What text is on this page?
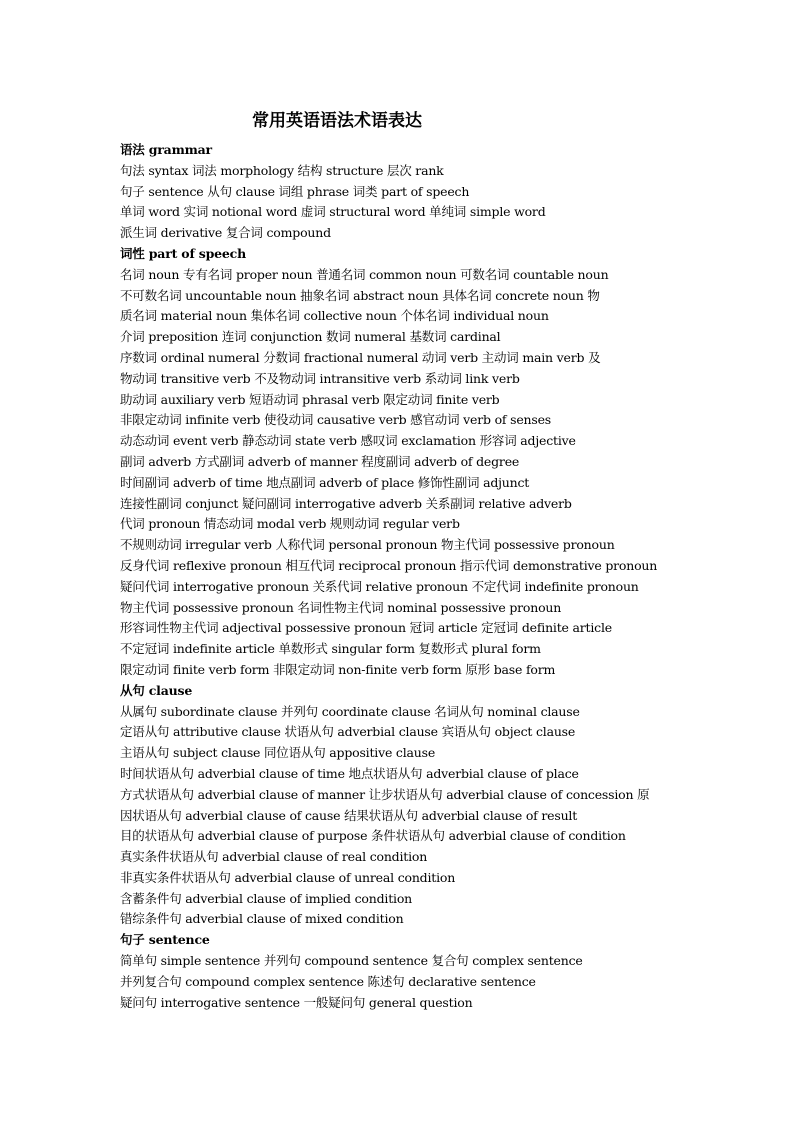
常用英语语法术语表达
语法 grammar
句法 syntax 词法 morphology 结构 structure 层次 rank
句子 sentence 从句 clause 词组 phrase 词类 part of speech
单词 word 实词 notional word 虚词 structural word 单纯词 simple word
派生词 derivative 复合词 compound
词性 part of speech
名词 noun 专有名词 proper noun 普通名词 common noun 可数名词 countable noun
不可数名词 uncountable noun 抽象名词 abstract noun 具体名词 concrete noun 物
质名词 material noun 集体名词 collective noun 个体名词 individual noun
介词 preposition 连词 conjunction 数词 numeral 基数词 cardinal
序数词 ordinal numeral 分数词 fractional numeral 动词 verb 主动词 main verb 及
物动词 transitive verb 不及物动词 intransitive verb 系动词 link verb
助动词 auxiliary verb 短语动词 phrasal verb 限定动词 finite verb
非限定动词 infinite verb 使役动词 causative verb 感官动词 verb of senses
动态动词 event verb 静态动词 state verb 感叹词 exclamation 形容词 adjective
副词 adverb 方式副词 adverb of manner 程度副词 adverb of degree
时间副词 adverb of time 地点副词 adverb of place 修饰性副词 adjunct
连接性副词 conjunct 疑问副词 interrogative adverb 关系副词 relative adverb
代词 pronoun 情态动词 modal verb 规则动词 regular verb
不规则动词 irregular verb 人称代词 personal pronoun 物主代词 possessive pronoun
反身代词 reflexive pronoun 相互代词 reciprocal pronoun 指示代词 demonstrative pronoun
疑问代词 interrogative pronoun 关系代词 relative pronoun 不定代词 indefinite pronoun
物主代词 possessive pronoun 名词性物主代词 nominal possessive pronoun
形容词性物主代词 adjectival possessive pronoun 冠词 article 定冠词 definite article
不定冠词 indefinite article 单数形式 singular form 复数形式 plural form
限定动词 finite verb form 非限定动词 non-finite verb form 原形 base form
从句 clause
从属句 subordinate clause 并列句 coordinate clause 名词从句 nominal clause
定语从句 attributive clause 状语从句 adverbial clause 宾语从句 object clause
主语从句 subject clause 同位语从句 appositive clause
时间状语从句 adverbial clause of time 地点状语从句 adverbial clause of place
方式状语从句 adverbial clause of manner 让步状语从句 adverbial clause of concession 原
因状语从句 adverbial clause of cause 结果状语从句 adverbial clause of result
目的状语从句 adverbial clause of purpose 条件状语从句 adverbial clause of condition
真实条件状语从句 adverbial clause of real condition
非真实条件状语从句 adverbial clause of unreal condition
含蓄条件句 adverbial clause of implied condition
错综条件句 adverbial clause of mixed condition
句子 sentence
简单句 simple sentence 并列句 compound sentence 复合句 complex sentence
并列复合句 compound complex sentence 陈述句 declarative sentence
疑问句 interrogative sentence 一般疑问句 general question
